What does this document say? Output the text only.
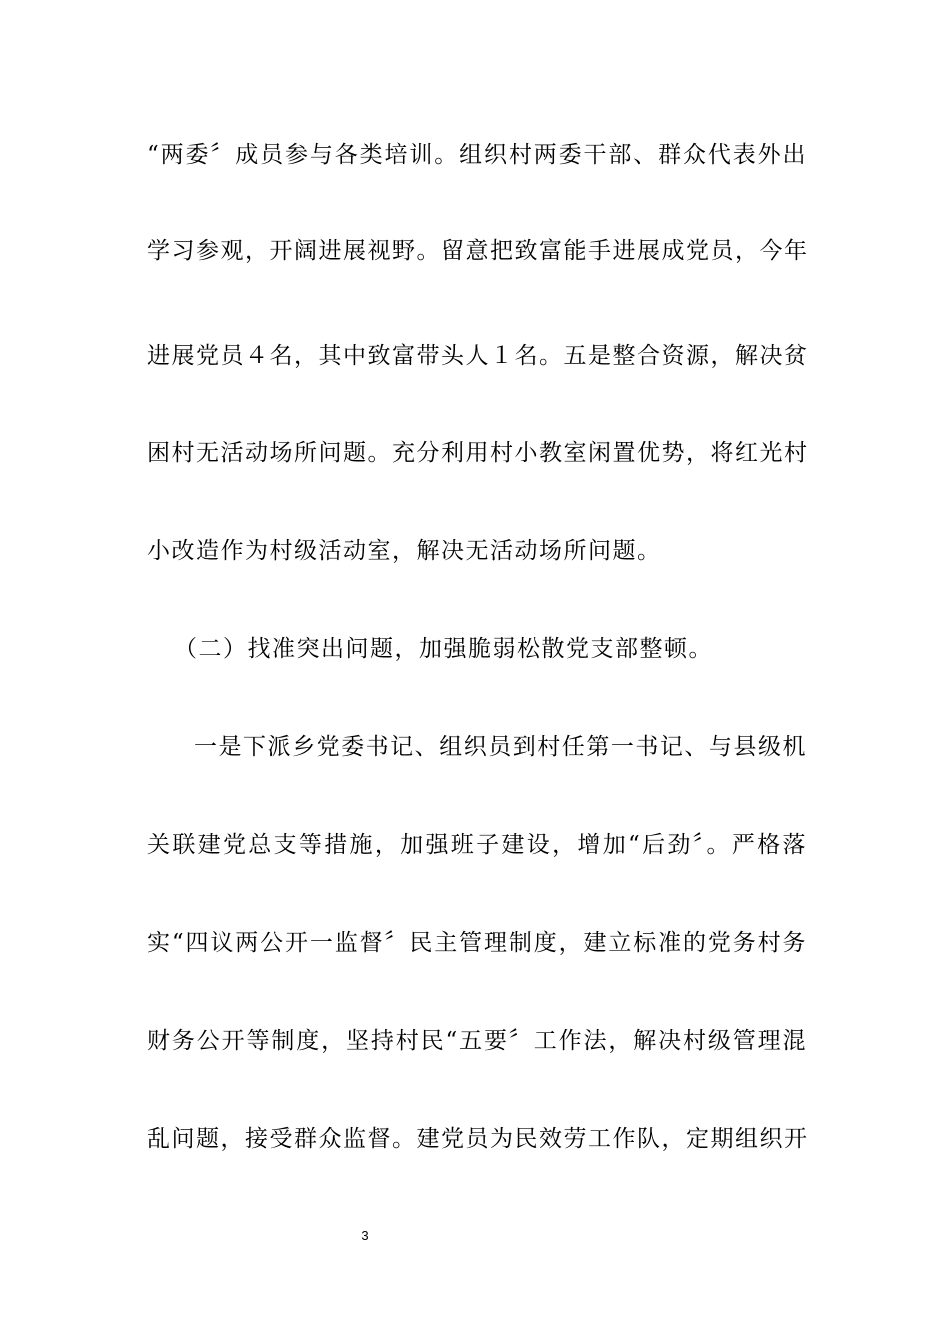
“两委〞成员参与各类培训。组织村两委干部、群众代表外出
学习参观，开阔进展视野。留意把致富能手进展成党员，今年
进展党员４名，其中致富带头人１名。五是整合资源，解决贫
困村无活动场所问题。充分利用村小教室闲置优势，将红光村
小改造作为村级活动室，解决无活动场所问题。
（二）找准突出问题，加强脆弱松散党支部整顿。
一是下派乡党委书记、组织员到村任第一书记、与县级机
关联建党总支等措施，加强班子建设，增加“后劲〞。严格落
实“四议两公开一监督〞民主管理制度，建立标准的党务村务
财务公开等制度，坚持村民“五要〞工作法，解决村级管理混
乱问题，接受群众监督。建党员为民效劳工作队，定期组织开
3
